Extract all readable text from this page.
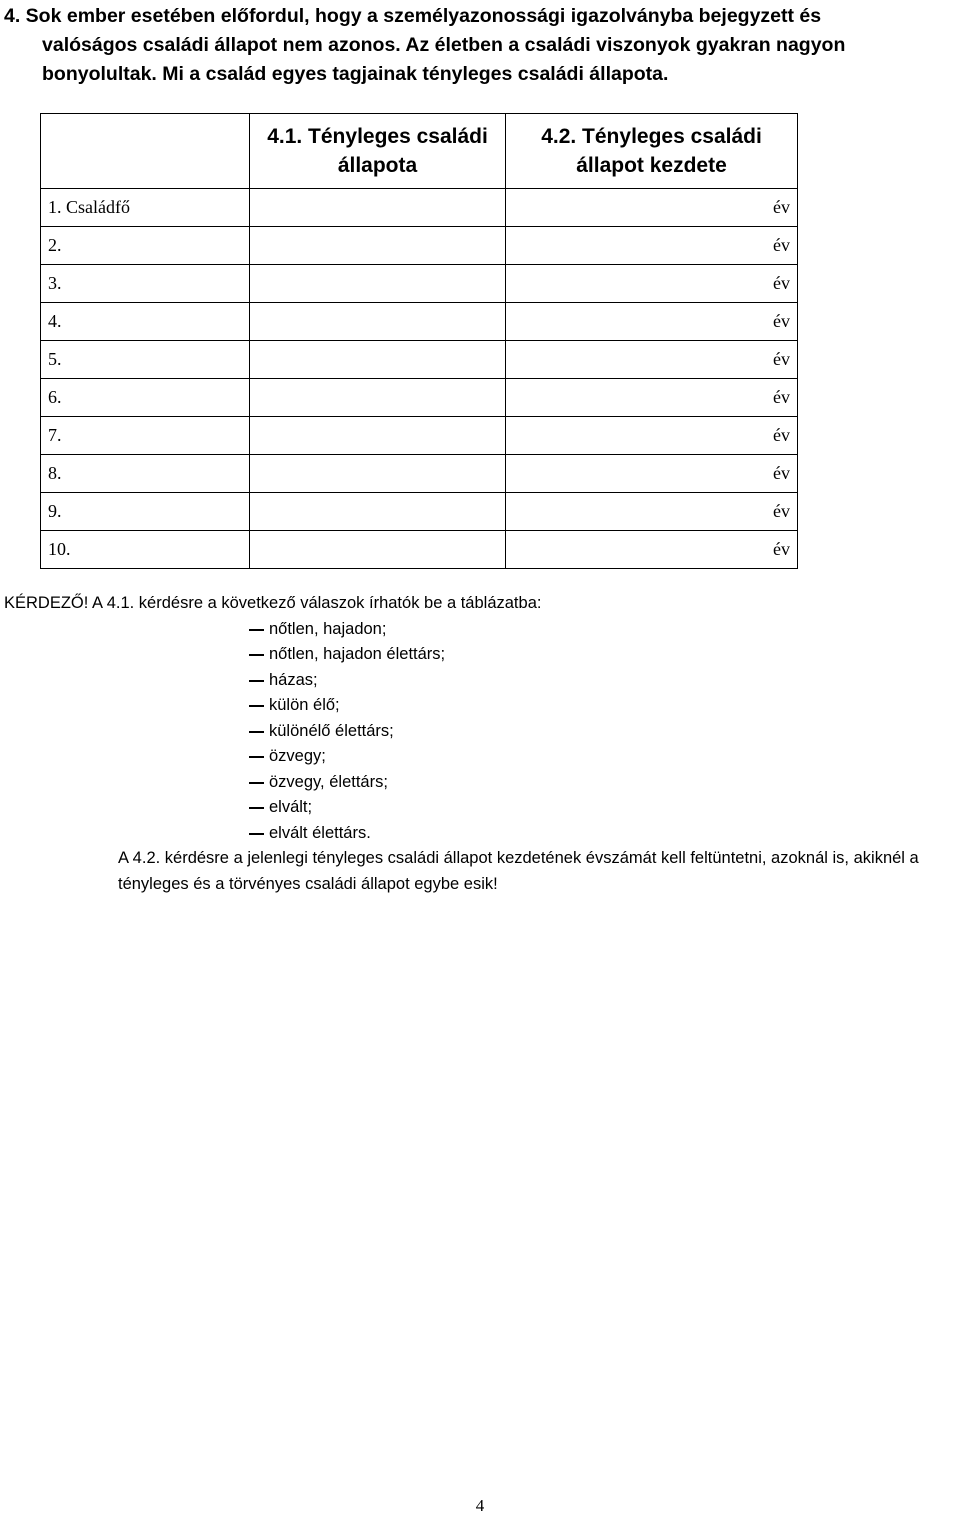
4. Sok ember esetében előfordul, hogy a személyazonossági igazolványba bejegyzett és
valóságos családi állapot nem azonos. Az életben a családi viszonyok gyakran nagyon
bonyolultak. Mi a család egyes tagjainak tényleges családi állapota.

	4.1. Tényleges családi
állapota	4.2. Tényleges családi
állapot kezdete

1. Családfő		év
2.		év
3.		év
4.		év
5.		év
6.		év
7.		év
8.		év
9.		év
10.		év
KÉRDEZŐ! A 4.1. kérdésre a következő válaszok írhatók be a táblázatba:
nőtlen, hajadon;
nőtlen, hajadon élettárs;
házas;
külön élő;
különélő élettárs;
özvegy;
özvegy, élettárs;
elvált;
elvált élettárs.
A 4.2. kérdésre a jelenlegi tényleges családi állapot kezdetének évszámát kell feltüntetni, azoknál is, akiknél a tényleges és a törvényes családi állapot egybe esik!
4
